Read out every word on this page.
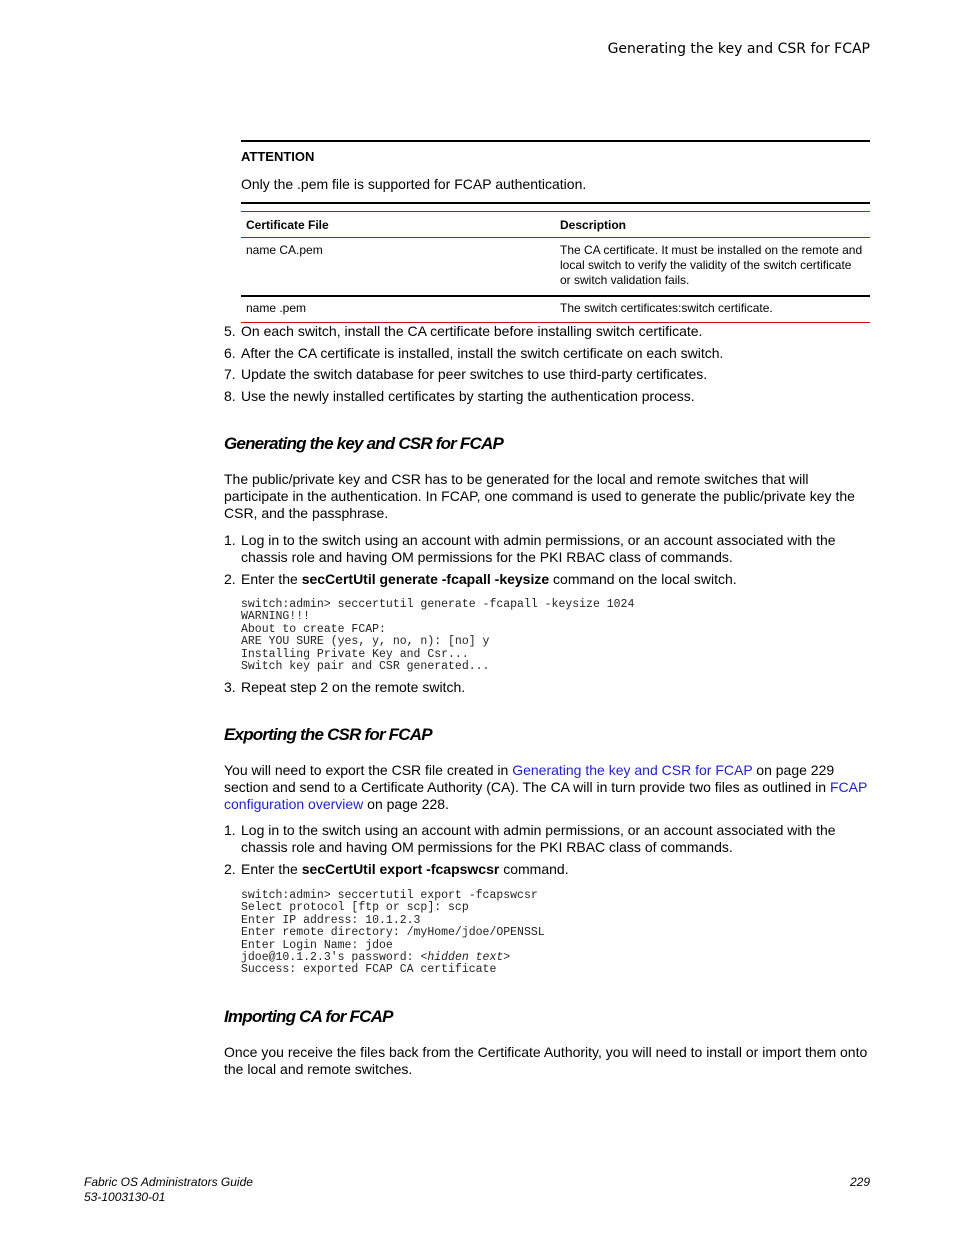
Generating the key and CSR for FCAP
ATTENTION
Only the .pem file is supported for FCAP authentication.
Certificate File	Description
name CA.pem	The CA certificate. It must be installed on the remote and local switch to verify the validity of the switch certificate or switch validation fails.
name .pem	The switch certificates:switch certificate.
5. On each switch, install the CA certificate before installing switch certificate.
6. After the CA certificate is installed, install the switch certificate on each switch.
7. Update the switch database for peer switches to use third-party certificates.
8. Use the newly installed certificates by starting the authentication process.
Generating the key and CSR for FCAP

The public/private key and CSR has to be generated for the local and remote switches that will participate in the authentication. In FCAP, one command is used to generate the public/private key the CSR, and the passphrase.

1. Log in to the switch using an account with admin permissions, or an account associated with the chassis role and having OM permissions for the PKI RBAC class of commands.
2. Enter the secCertUtil generate -fcapall -keysize command on the local switch.
switch:admin> seccertutil generate -fcapall -keysize 1024
WARNING!!!
About to create FCAP:
ARE YOU SURE (yes, y, no, n): [no] y
Installing Private Key and Csr...
Switch key pair and CSR generated...
3. Repeat step 2 on the remote switch.
Exporting the CSR for FCAP

You will need to export the CSR file created in Generating the key and CSR for FCAP on page 229 section and send to a Certificate Authority (CA). The CA will in turn provide two files as outlined in FCAP configuration overview on page 228.

1. Log in to the switch using an account with admin permissions, or an account associated with the chassis role and having OM permissions for the PKI RBAC class of commands.
2. Enter the secCertUtil export -fcapswcsr command.
switch:admin> seccertutil export -fcapswcsr
Select protocol [ftp or scp]: scp
Enter IP address: 10.1.2.3
Enter remote directory: /myHome/jdoe/OPENSSL
Enter Login Name: jdoe
jdoe@10.1.2.3's password: <hidden text>
Success: exported FCAP CA certificate
Importing CA for FCAP

Once you receive the files back from the Certificate Authority, you will need to install or import them onto the local and remote switches.

Fabric OS Administrators Guide
53-1003130-01
229
